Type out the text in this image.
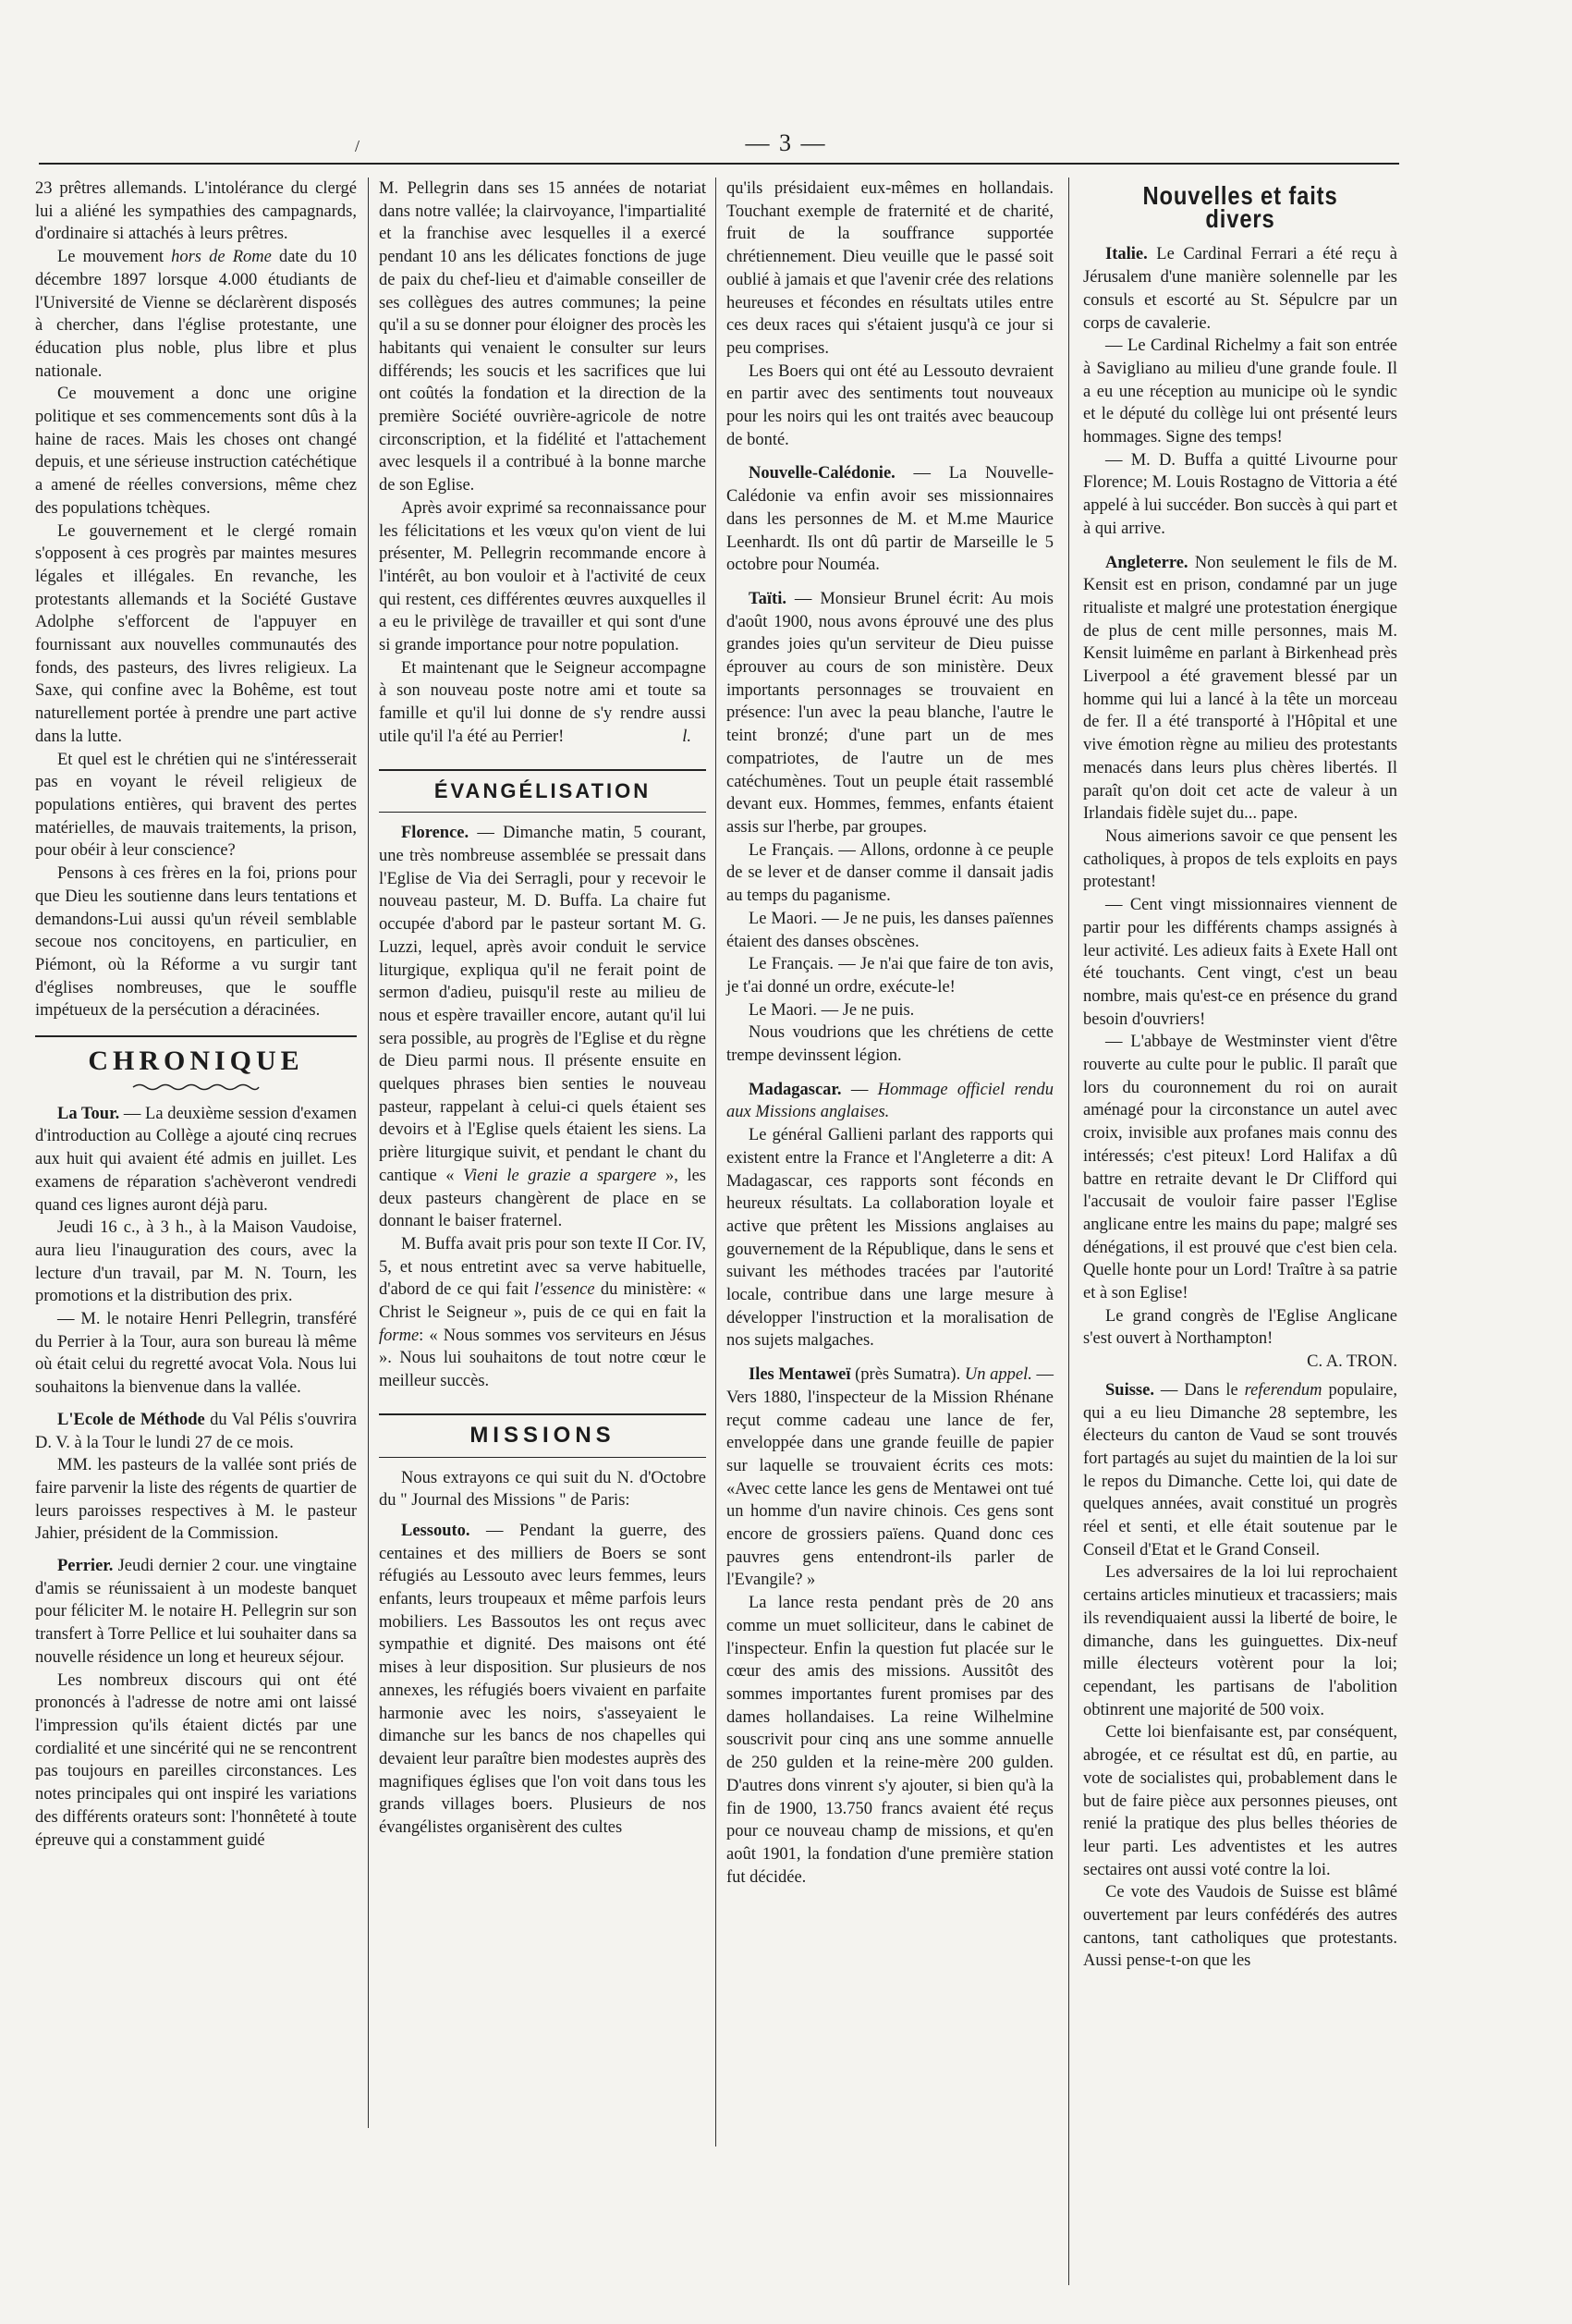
— 3 —

23 prêtres allemands. L'intolérance du clergé lui a aliéné les sympathies des campagnards, d'ordinaire si attachés à leurs prêtres.

Le mouvement hors de Rome date du 10 décembre 1897 lorsque 4.000 étudiants de l'Université de Vienne se déclarèrent disposés à chercher, dans l'église protestante, une éducation plus noble, plus libre et plus nationale.

Ce mouvement a donc une origine politique et ses commencements sont dûs à la haine de races. Mais les choses ont changé depuis, et une sérieuse instruction catéchétique a amené de réelles conversions, même chez des populations tchèques.

Le gouvernement et le clergé romain s'opposent à ces progrès par maintes mesures légales et illégales. En revanche, les protestants allemands et la Société Gustave Adolphe s'efforcent de l'appuyer en fournissant aux nouvelles communautés des fonds, des pasteurs, des livres religieux. La Saxe, qui confine avec la Bohême, est tout naturellement portée à prendre une part active dans la lutte.

Et quel est le chrétien qui ne s'intéresserait pas en voyant le réveil religieux de populations entières, qui bravent des pertes matérielles, de mauvais traitements, la prison, pour obéir à leur conscience?

Pensons à ces frères en la foi, prions pour que Dieu les soutienne dans leurs tentations et demandons-Lui aussi qu'un réveil semblable secoue nos concitoyens, en particulier, en Piémont, où la Réforme a vu surgir tant d'églises nombreuses, que le souffle impétueux de la persécution a déracinées.

CHRONIQUE

La Tour. — La deuxième session d'examen d'introduction au Collège a ajouté cinq recrues aux huit qui avaient été admis en juillet. Les examens de réparation s'achèveront vendredi quand ces lignes auront déjà paru.

Jeudi 16 c., à 3 h., à la Maison Vaudoise, aura lieu l'inauguration des cours, avec la lecture d'un travail, par M. N. Tourn, les promotions et la distribution des prix.

— M. le notaire Henri Pellegrin, transféré du Perrier à la Tour, aura son bureau là même où était celui du regretté avocat Vola. Nous lui souhaitons la bienvenue dans la vallée.

L'Ecole de Méthode du Val Pélis s'ouvrira D. V. à la Tour le lundi 27 de ce mois.

MM. les pasteurs de la vallée sont priés de faire parvenir la liste des régents de quartier de leurs paroisses respectives à M. le pasteur Jahier, président de la Commission.

Perrier. Jeudi dernier 2 cour. une vingtaine d'amis se réunissaient à un modeste banquet pour féliciter M. le notaire H. Pellegrin sur son transfert à Torre Pellice et lui souhaiter dans sa nouvelle résidence un long et heureux séjour.

Les nombreux discours qui ont été prononcés à l'adresse de notre ami ont laissé l'impression qu'ils étaient dictés par une cordialité et une sincérité qui ne se rencontrent pas toujours en pareilles circonstances. Les notes principales qui ont inspiré les variations des différents orateurs sont: l'honnêteté à toute épreuve qui a constamment guidé

M. Pellegrin dans ses 15 années de notariat dans notre vallée; la clairvoyance, l'impartialité et la franchise avec lesquelles il a exercé pendant 10 ans les délicates fonctions de juge de paix du chef-lieu et d'aimable conseiller de ses collègues des autres communes; la peine qu'il a su se donner pour éloigner des procès les habitants qui venaient le consulter sur leurs différends; les soucis et les sacrifices que lui ont coûtés la fondation et la direction de la première Société ouvrière-agricole de notre circonscription, et la fidélité et l'attachement avec lesquels il a contribué à la bonne marche de son Eglise.

Après avoir exprimé sa reconnaissance pour les félicitations et les vœux qu'on vient de lui présenter, M. Pellegrin recommande encore à l'intérêt, au bon vouloir et à l'activité de ceux qui restent, ces différentes œuvres auxquelles il a eu le privilège de travailler et qui sont d'une si grande importance pour notre population.

Et maintenant que le Seigneur accompagne à son nouveau poste notre ami et toute sa famille et qu'il lui donne de s'y rendre aussi utile qu'il l'a été au Perrier!	l.

ÉVANGÉLISATION

Florence. — Dimanche matin, 5 courant, une très nombreuse assemblée se pressait dans l'Eglise de Via dei Serragli, pour y recevoir le nouveau pasteur, M. D. Buffa. La chaire fut occupée d'abord par le pasteur sortant M. G. Luzzi, lequel, après avoir conduit le service liturgique, expliqua qu'il ne ferait point de sermon d'adieu, puisqu'il reste au milieu de nous et espère travailler encore, autant qu'il lui sera possible, au progrès de l'Eglise et du règne de Dieu parmi nous. Il présente ensuite en quelques phrases bien senties le nouveau pasteur, rappelant à celui-ci quels étaient ses devoirs et à l'Eglise quels étaient les siens. La prière liturgique suivit, et pendant le chant du cantique « Vieni le grazie a spargere », les deux pasteurs changèrent de place en se donnant le baiser fraternel.

M. Buffa avait pris pour son texte II Cor. IV, 5, et nous entretint avec sa verve habituelle, d'abord de ce qui fait l'essence du ministère: « Christ le Seigneur », puis de ce qui en fait la forme: « Nous sommes vos serviteurs en Jésus ». Nous lui souhaitons de tout notre cœur le meilleur succès.

MISSIONS

Nous extrayons ce qui suit du N. d'Octobre du " Journal des Missions " de Paris:

Lessouto. — Pendant la guerre, des centaines et des milliers de Boers se sont réfugiés au Lessouto avec leurs femmes, leurs enfants, leurs troupeaux et même parfois leurs mobiliers. Les Bassoutos les ont reçus avec sympathie et dignité. Des maisons ont été mises à leur disposition. Sur plusieurs de nos annexes, les réfugiés boers vivaient en parfaite harmonie avec les noirs, s'asseyaient le dimanche sur les bancs de nos chapelles qui devaient leur paraître bien modestes auprès des magnifiques églises que l'on voit dans tous les grands villages boers. Plusieurs de nos évangélistes organisèrent des cultes

qu'ils présidaient eux-mêmes en hollandais. Touchant exemple de fraternité et de charité, fruit de la souffrance supportée chrétiennement. Dieu veuille que le passé soit oublié à jamais et que l'avenir crée des relations heureuses et fécondes en résultats utiles entre ces deux races qui s'étaient jusqu'à ce jour si peu comprises.

Les Boers qui ont été au Lessouto devraient en partir avec des sentiments tout nouveaux pour les noirs qui les ont traités avec beaucoup de bonté.

Nouvelle-Calédonie. — La Nouvelle-Calédonie va enfin avoir ses missionnaires dans les personnes de M. et M.me Maurice Leenhardt. Ils ont dû partir de Marseille le 5 octobre pour Nouméa.

Taïti. — Monsieur Brunel écrit: Au mois d'août 1900, nous avons éprouvé une des plus grandes joies qu'un serviteur de Dieu puisse éprouver au cours de son ministère. Deux importants personnages se trouvaient en présence: l'un avec la peau blanche, l'autre le teint bronzé; d'une part un de mes compatriotes, de l'autre un de mes catéchumènes. Tout un peuple était rassemblé devant eux. Hommes, femmes, enfants étaient assis sur l'herbe, par groupes.

Le Français. — Allons, ordonne à ce peuple de se lever et de danser comme il dansait jadis au temps du paganisme.

Le Maori. — Je ne puis, les danses païennes étaient des danses obscènes.

Le Français. — Je n'ai que faire de ton avis, je t'ai donné un ordre, exécute-le!

Le Maori. — Je ne puis.

Nous voudrions que les chrétiens de cette trempe devinssent légion.

Madagascar. — Hommage officiel rendu aux Missions anglaises.

Le général Gallieni parlant des rapports qui existent entre la France et l'Angleterre a dit: A Madagascar, ces rapports sont féconds en heureux résultats. La collaboration loyale et active que prêtent les Missions anglaises au gouvernement de la République, dans le sens et suivant les méthodes tracées par l'autorité locale, contribue dans une large mesure à développer l'instruction et la moralisation de nos sujets malgaches.

Iles Mentaweï (près Sumatra). Un appel. — Vers 1880, l'inspecteur de la Mission Rhénane reçut comme cadeau une lance de fer, enveloppée dans une grande feuille de papier sur laquelle se trouvaient écrits ces mots: «Avec cette lance les gens de Mentawei ont tué un homme d'un navire chinois. Ces gens sont encore de grossiers païens. Quand donc ces pauvres gens entendront-ils parler de l'Evangile? »

La lance resta pendant près de 20 ans comme un muet solliciteur, dans le cabinet de l'inspecteur. Enfin la question fut placée sur le cœur des amis des missions. Aussitôt des sommes importantes furent promises par des dames hollandaises. La reine Wilhelmine souscrivit pour cinq ans une somme annuelle de 250 gulden et la reine-mère 200 gulden. D'autres dons vinrent s'y ajouter, si bien qu'à la fin de 1900, 13.750 francs avaient été reçus pour ce nouveau champ de missions, et qu'en août 1901, la fondation d'une première station fut décidée.

Nouvelles et faits divers

Italie. Le Cardinal Ferrari a été reçu à Jérusalem d'une manière solennelle par les consuls et escorté au St. Sépulcre par un corps de cavalerie.

— Le Cardinal Richelmy a fait son entrée à Savigliano au milieu d'une grande foule. Il a eu une réception au municipe où le syndic et le député du collège lui ont présenté leurs hommages. Signe des temps!

— M. D. Buffa a quitté Livourne pour Florence; M. Louis Rostagno de Vittoria a été appelé à lui succéder. Bon succès à qui part et à qui arrive.

Angleterre. Non seulement le fils de M. Kensit est en prison, condamné par un juge ritualiste et malgré une protestation énergique de plus de cent mille personnes, mais M. Kensit luimême en parlant à Birkenhead près Liverpool a été gravement blessé par un homme qui lui a lancé à la tête un morceau de fer. Il a été transporté à l'Hôpital et une vive émotion règne au milieu des protestants menacés dans leurs plus chères libertés. Il paraît qu'on doit cet acte de valeur à un Irlandais fidèle sujet du... pape.

Nous aimerions savoir ce que pensent les catholiques, à propos de tels exploits en pays protestant!

— Cent vingt missionnaires viennent de partir pour les différents champs assignés à leur activité. Les adieux faits à Exete Hall ont été touchants. Cent vingt, c'est un beau nombre, mais qu'est-ce en présence du grand besoin d'ouvriers!

— L'abbaye de Westminster vient d'être rouverte au culte pour le public. Il paraît que lors du couronnement du roi on aurait aménagé pour la circonstance un autel avec croix, invisible aux profanes mais connu des intéressés; c'est piteux! Lord Halifax a dû battre en retraite devant le Dr Clifford qui l'accusait de vouloir faire passer l'Eglise anglicane entre les mains du pape; malgré ses dénégations, il est prouvé que c'est bien cela. Quelle honte pour un Lord! Traître à sa patrie et à son Eglise!

Le grand congrès de l'Eglise Anglicane s'est ouvert à Northampton!

C. A. TRON.

Suisse. — Dans le referendum populaire, qui a eu lieu Dimanche 28 septembre, les électeurs du canton de Vaud se sont trouvés fort partagés au sujet du maintien de la loi sur le repos du Dimanche. Cette loi, qui date de quelques années, avait constitué un progrès réel et senti, et elle était soutenue par le Conseil d'Etat et le Grand Conseil.

Les adversaires de la loi lui reprochaient certains articles minutieux et tracassiers; mais ils revendiquaient aussi la liberté de boire, le dimanche, dans les guinguettes. Dix-neuf mille électeurs votèrent pour la loi; cependant, les partisans de l'abolition obtinrent une majorité de 500 voix.

Cette loi bienfaisante est, par conséquent, abrogée, et ce résultat est dû, en partie, au vote de socialistes qui, probablement dans le but de faire pièce aux personnes pieuses, ont renié la pratique des plus belles théories de leur parti. Les adventistes et les autres sectaires ont aussi voté contre la loi.

Ce vote des Vaudois de Suisse est blâmé ouvertement par leurs confédérés des autres cantons, tant catholiques que protestants. Aussi pense-t-on que les

/
